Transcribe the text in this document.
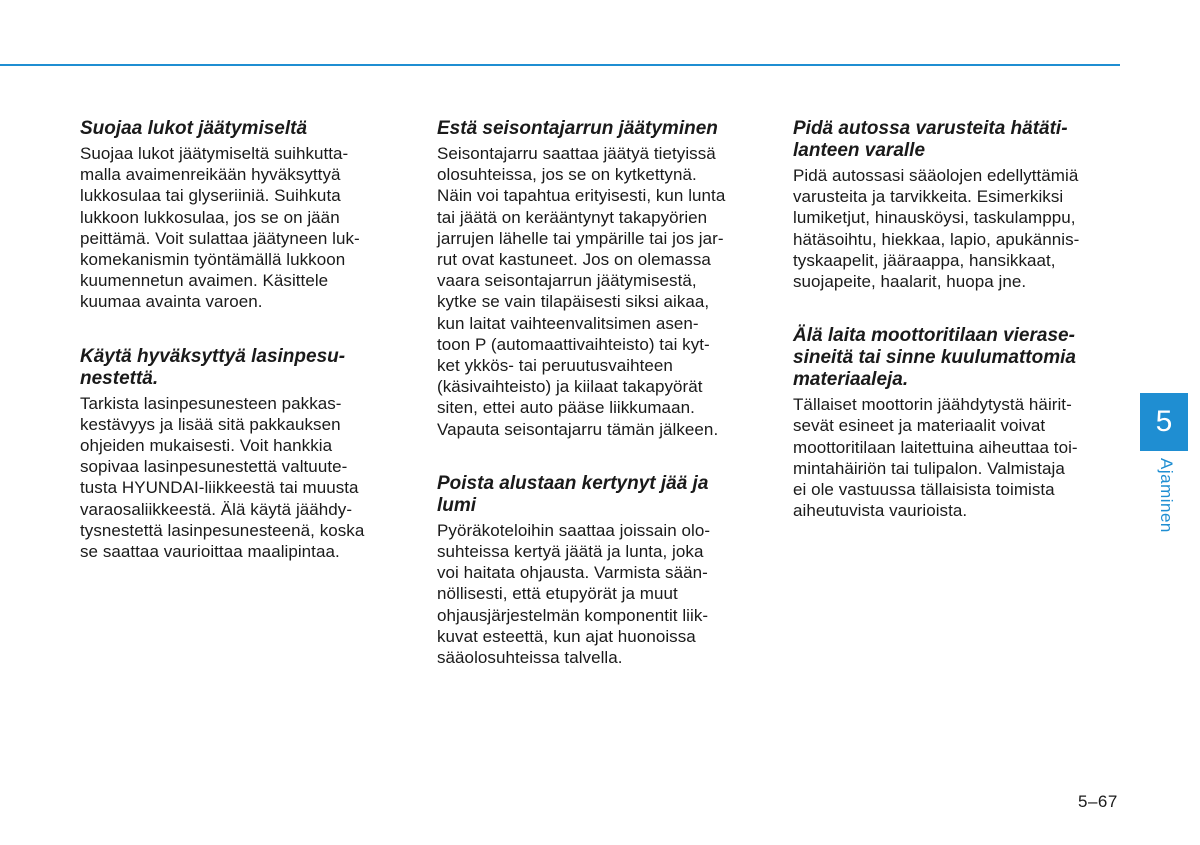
Suojaa lukot jäätymiseltä

Suojaa lukot jäätymiseltä suihkutta-
malla avaimenreikään hyväksyttyä
lukkosulaa tai glyseriiniä. Suihkuta
lukkoon lukkosulaa, jos se on jään
peittämä. Voit sulattaa jäätyneen luk-
komekanismin työntämällä lukkoon
kuumennetun avaimen. Käsittele
kuumaa avainta varoen.

Käytä hyväksyttyä lasinpesu-
nestettä.

Tarkista lasinpesunesteen pakkas-
kestävyys ja lisää sitä pakkauksen
ohjeiden mukaisesti. Voit hankkia
sopivaa lasinpesunestettä valtuute-
tusta HYUNDAI-liikkeestä tai muusta
varaosaliikkeestä. Älä käytä jäähdy-
tysnestettä lasinpesunesteenä, koska
se saattaa vaurioittaa maalipintaa.

Estä seisontajarrun jäätyminen

Seisontajarru saattaa jäätyä tietyissä
olosuhteissa, jos se on kytkettynä.
Näin voi tapahtua erityisesti, kun lunta
tai jäätä on kerääntynyt takapyörien
jarrujen lähelle tai ympärille tai jos jar-
rut ovat kastuneet. Jos on olemassa
vaara seisontajarrun jäätymisestä,
kytke se vain tilapäisesti siksi aikaa,
kun laitat vaihteenvalitsimen asen-
toon P (automaattivaihteisto) tai kyt-
ket ykkös- tai peruutusvaihteen
(käsivaihteisto) ja kiilaat takapyörät
siten, ettei auto pääse liikkumaan.
Vapauta seisontajarru tämän jälkeen.

Poista alustaan kertynyt jää ja
lumi

Pyöräkoteloihin saattaa joissain olo-
suhteissa kertyä jäätä ja lunta, joka
voi haitata ohjausta. Varmista sään-
nöllisesti, että etupyörät ja muut
ohjausjärjestelmän komponentit liik-
kuvat esteettä, kun ajat huonoissa
sääolosuhteissa talvella.

Pidä autossa varusteita hätäti-
lanteen varalle

Pidä autossasi sääolojen edellyttämiä
varusteita ja tarvikkeita. Esimerkiksi
lumiketjut, hinausköysi, taskulamppu,
hätäsoihtu, hiekkaa, lapio, apukännis-
tyskaapelit, jääraappa, hansikkaat,
suojapeite, haalarit, huopa jne.

Älä laita moottoritilaan vierase-
sineitä tai sinne kuulumattomia
materiaaleja.

Tällaiset moottorin jäähdytystä häirit-
sevät esineet ja materiaalit voivat
moottoritilaan laitettuina aiheuttaa toi-
mintahäiriön tai tulipalon. Valmistaja
ei ole vastuussa tällaisista toimista
aiheutuvista vaurioista.

5
Ajaminen
5–67
